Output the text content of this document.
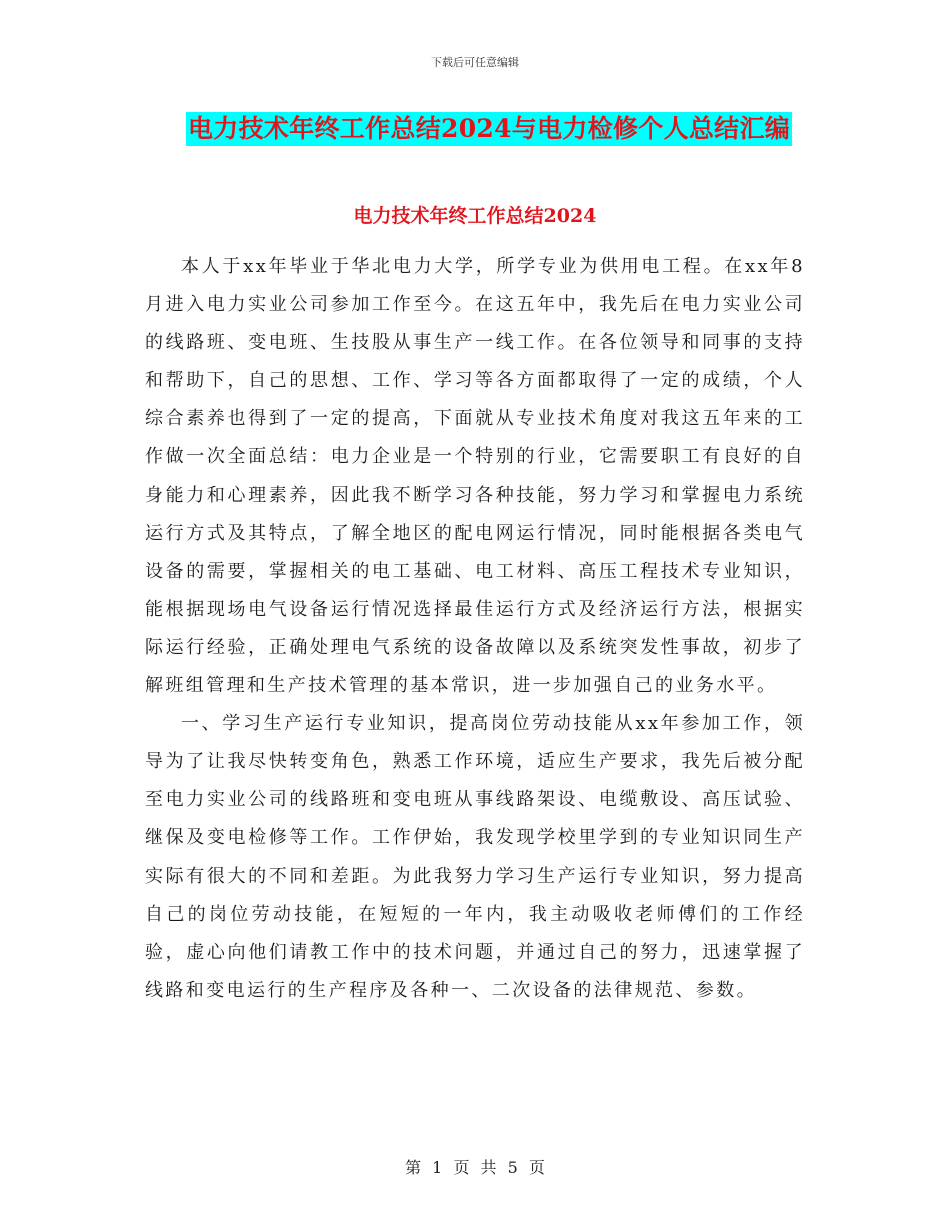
下载后可任意编辑
电力技术年终工作总结2024与电力检修个人总结汇编
电力技术年终工作总结2024

本人于xx年毕业于华北电力大学，所学专业为供用电工程。在xx年8月进入电力实业公司参加工作至今。在这五年中，我先后在电力实业公司的线路班、变电班、生技股从事生产一线工作。在各位领导和同事的支持和帮助下，自己的思想、工作、学习等各方面都取得了一定的成绩，个人综合素养也得到了一定的提高，下面就从专业技术角度对我这五年来的工作做一次全面总结：电力企业是一个特别的行业，它需要职工有良好的自身能力和心理素养，因此我不断学习各种技能，努力学习和掌握电力系统运行方式及其特点，了解全地区的配电网运行情况，同时能根据各类电气设备的需要，掌握相关的电工基础、电工材料、高压工程技术专业知识，能根据现场电气设备运行情况选择最佳运行方式及经济运行方法，根据实际运行经验，正确处理电气系统的设备故障以及系统突发性事故，初步了解班组管理和生产技术管理的基本常识，进一步加强自己的业务水平。

一、学习生产运行专业知识，提高岗位劳动技能从xx年参加工作，领导为了让我尽快转变角色，熟悉工作环境，适应生产要求，我先后被分配至电力实业公司的线路班和变电班从事线路架设、电缆敷设、高压试验、继保及变电检修等工作。工作伊始，我发现学校里学到的专业知识同生产实际有很大的不同和差距。为此我努力学习生产运行专业知识，努力提高自己的岗位劳动技能，在短短的一年内，我主动吸收老师傅们的工作经验，虚心向他们请教工作中的技术问题，并通过自己的努力，迅速掌握了线路和变电运行的生产程序及各种一、二次设备的法律规范、参数。

第 1 页 共 5 页
